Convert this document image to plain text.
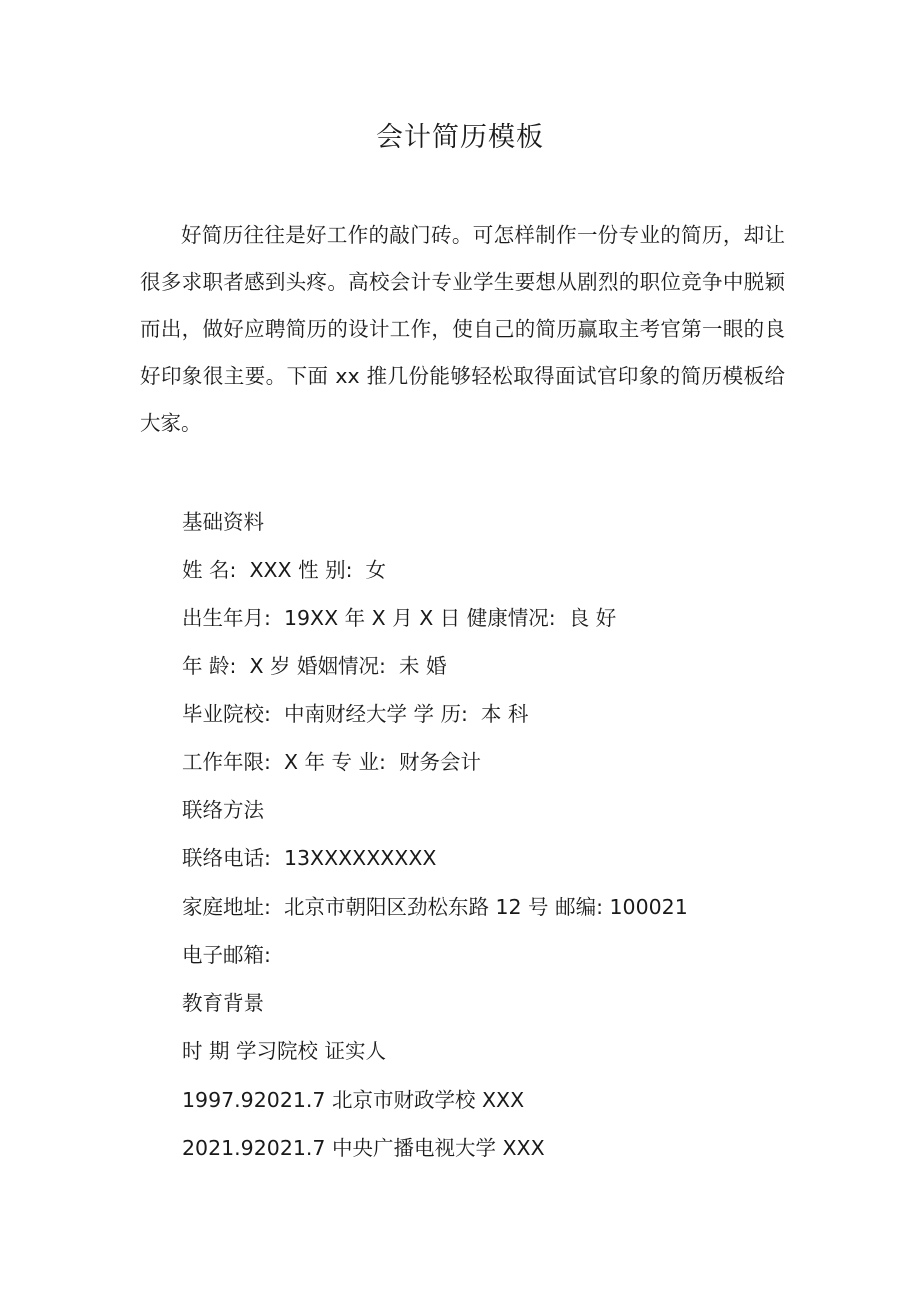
会计简历模板

好简历往往是好工作的敲门砖。可怎样制作一份专业的简历，却让很多求职者感到头疼。高校会计专业学生要想从剧烈的职位竞争中脱颖而出，做好应聘简历的设计工作，使自己的简历赢取主考官第一眼的良好印象很主要。下面 xx 推几份能够轻松取得面试官印象的简历模板给大家。

基础资料
姓 名:  XXX 性 别:  女
出生年月:  19XX 年 X 月 X 日 健康情况:  良 好
年 龄:  X 岁 婚姻情况:  未 婚
毕业院校:  中南财经大学 学 历:  本 科
工作年限:  X 年 专 业:  财务会计
联络方法
联络电话:  13XXXXXXXXX
家庭地址:  北京市朝阳区劲松东路 12 号 邮编: 100021
电子邮箱:
教育背景
时 期 学习院校 证实人
1997.92021.7 北京市财政学校 XXX
2021.92021.7 中央广播电视大学 XXX
